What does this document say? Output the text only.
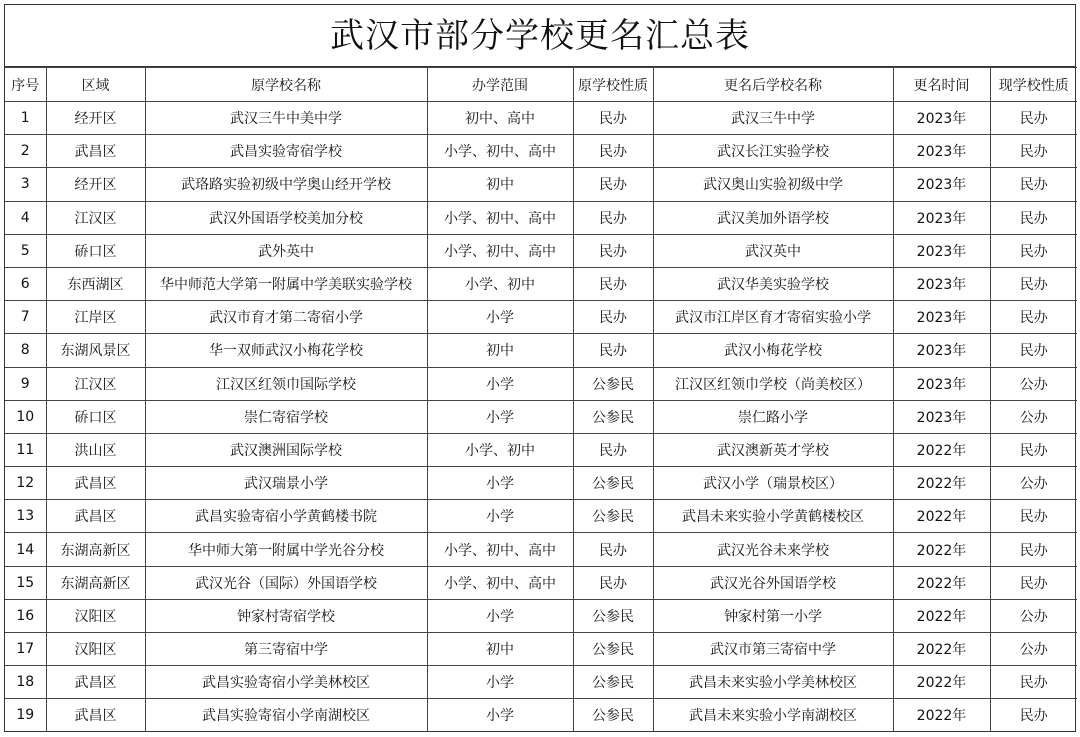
武汉市部分学校更名汇总表
序号	区域	原学校名称	办学范围	原学校性质	更名后学校名称	更名时间	现学校性质
1	经开区	武汉三牛中美中学	初中、高中	民办	武汉三牛中学	2023年	民办
2	武昌区	武昌实验寄宿学校	小学、初中、高中	民办	武汉长江实验学校	2023年	民办
3	经开区	武珞路实验初级中学奥山经开学校	初中	民办	武汉奥山实验初级中学	2023年	民办
4	江汉区	武汉外国语学校美加分校	小学、初中、高中	民办	武汉美加外语学校	2023年	民办
5	硚口区	武外英中	小学、初中、高中	民办	武汉英中	2023年	民办
6	东西湖区	华中师范大学第一附属中学美联实验学校	小学、初中	民办	武汉华美实验学校	2023年	民办
7	江岸区	武汉市育才第二寄宿小学	小学	民办	武汉市江岸区育才寄宿实验小学	2023年	民办
8	东湖风景区	华一双师武汉小梅花学校	初中	民办	武汉小梅花学校	2023年	民办
9	江汉区	江汉区红领巾国际学校	小学	公参民	江汉区红领巾学校（尚美校区）	2023年	公办
10	硚口区	崇仁寄宿学校	小学	公参民	崇仁路小学	2023年	公办
11	洪山区	武汉澳洲国际学校	小学、初中	民办	武汉澳新英才学校	2022年	民办
12	武昌区	武汉瑞景小学	小学	公参民	武汉小学（瑞景校区）	2022年	公办
13	武昌区	武昌实验寄宿小学黄鹤楼书院	小学	公参民	武昌未来实验小学黄鹤楼校区	2022年	民办
14	东湖高新区	华中师大第一附属中学光谷分校	小学、初中、高中	民办	武汉光谷未来学校	2022年	民办
15	东湖高新区	武汉光谷（国际）外国语学校	小学、初中、高中	民办	武汉光谷外国语学校	2022年	民办
16	汉阳区	钟家村寄宿学校	小学	公参民	钟家村第一小学	2022年	公办
17	汉阳区	第三寄宿中学	初中	公参民	武汉市第三寄宿中学	2022年	公办
18	武昌区	武昌实验寄宿小学美林校区	小学	公参民	武昌未来实验小学美林校区	2022年	民办
19	武昌区	武昌实验寄宿小学南湖校区	小学	公参民	武昌未来实验小学南湖校区	2022年	民办
